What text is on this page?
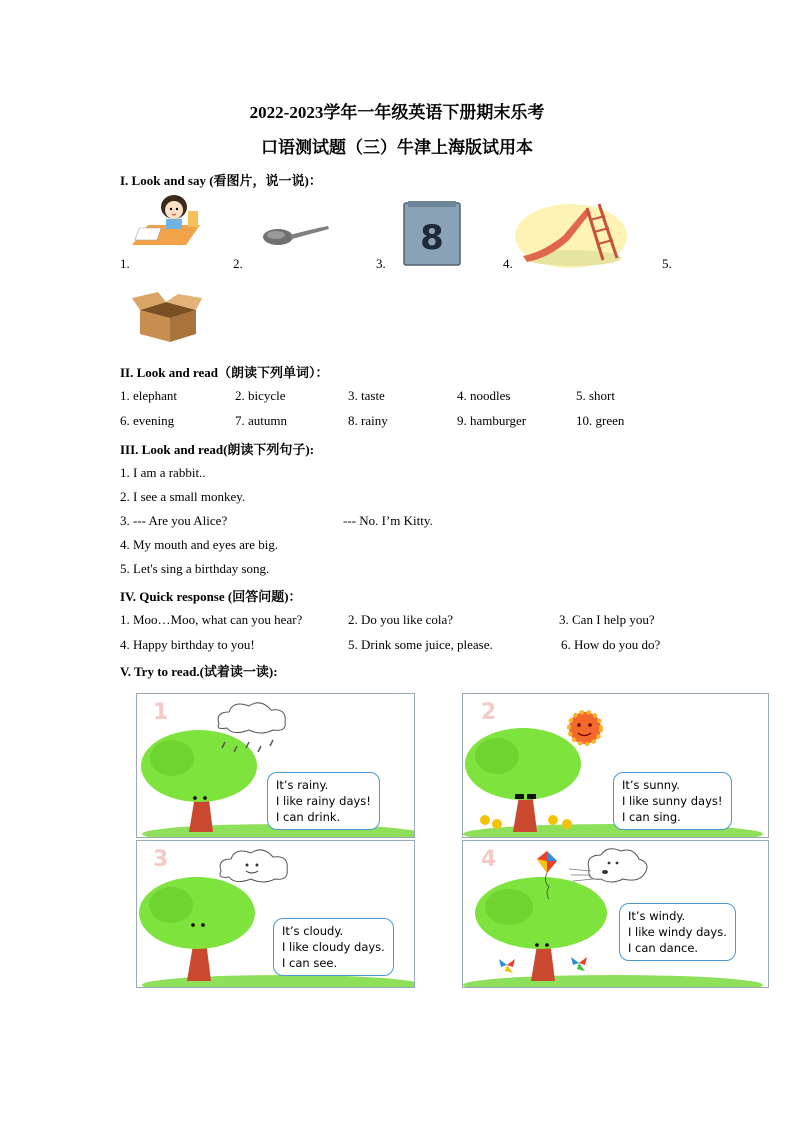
2022-2023学年一年级英语下册期末乐考
口语测试题（三）牛津上海版试用本
I. Look and say (看图片，说一说)：
8
1.	2.	3.	4.	5.
II. Look and read（朗读下列单词）：
1. elephant	2. bicycle	3. taste	4. noodles	5. short
6. evening	7. autumn	8. rainy	9. hamburger	10. green
III. Look and read(朗读下列句子):
1. I am a rabbit..
2. I see a small monkey.
3. --- Are you Alice?	--- No. I’m Kitty.
4. My mouth and eyes are big.
5. Let's sing a birthday song.
IV. Quick response (回答问题)：
1. Moo…Moo, what can you hear?	2. Do you like cola?	3. Can I help you?
4. Happy birthday to you!	5. Drink some juice, please.	6. How do you do?
V. Try to read.(试着读一读):
1
It’s rainy.
I like rainy days!
I can drink.
2
It’s sunny.
I like sunny days!
I can sing.
3
It’s cloudy.
I like cloudy days.
I can see.
4
It’s windy.
I like windy days.
I can dance.
